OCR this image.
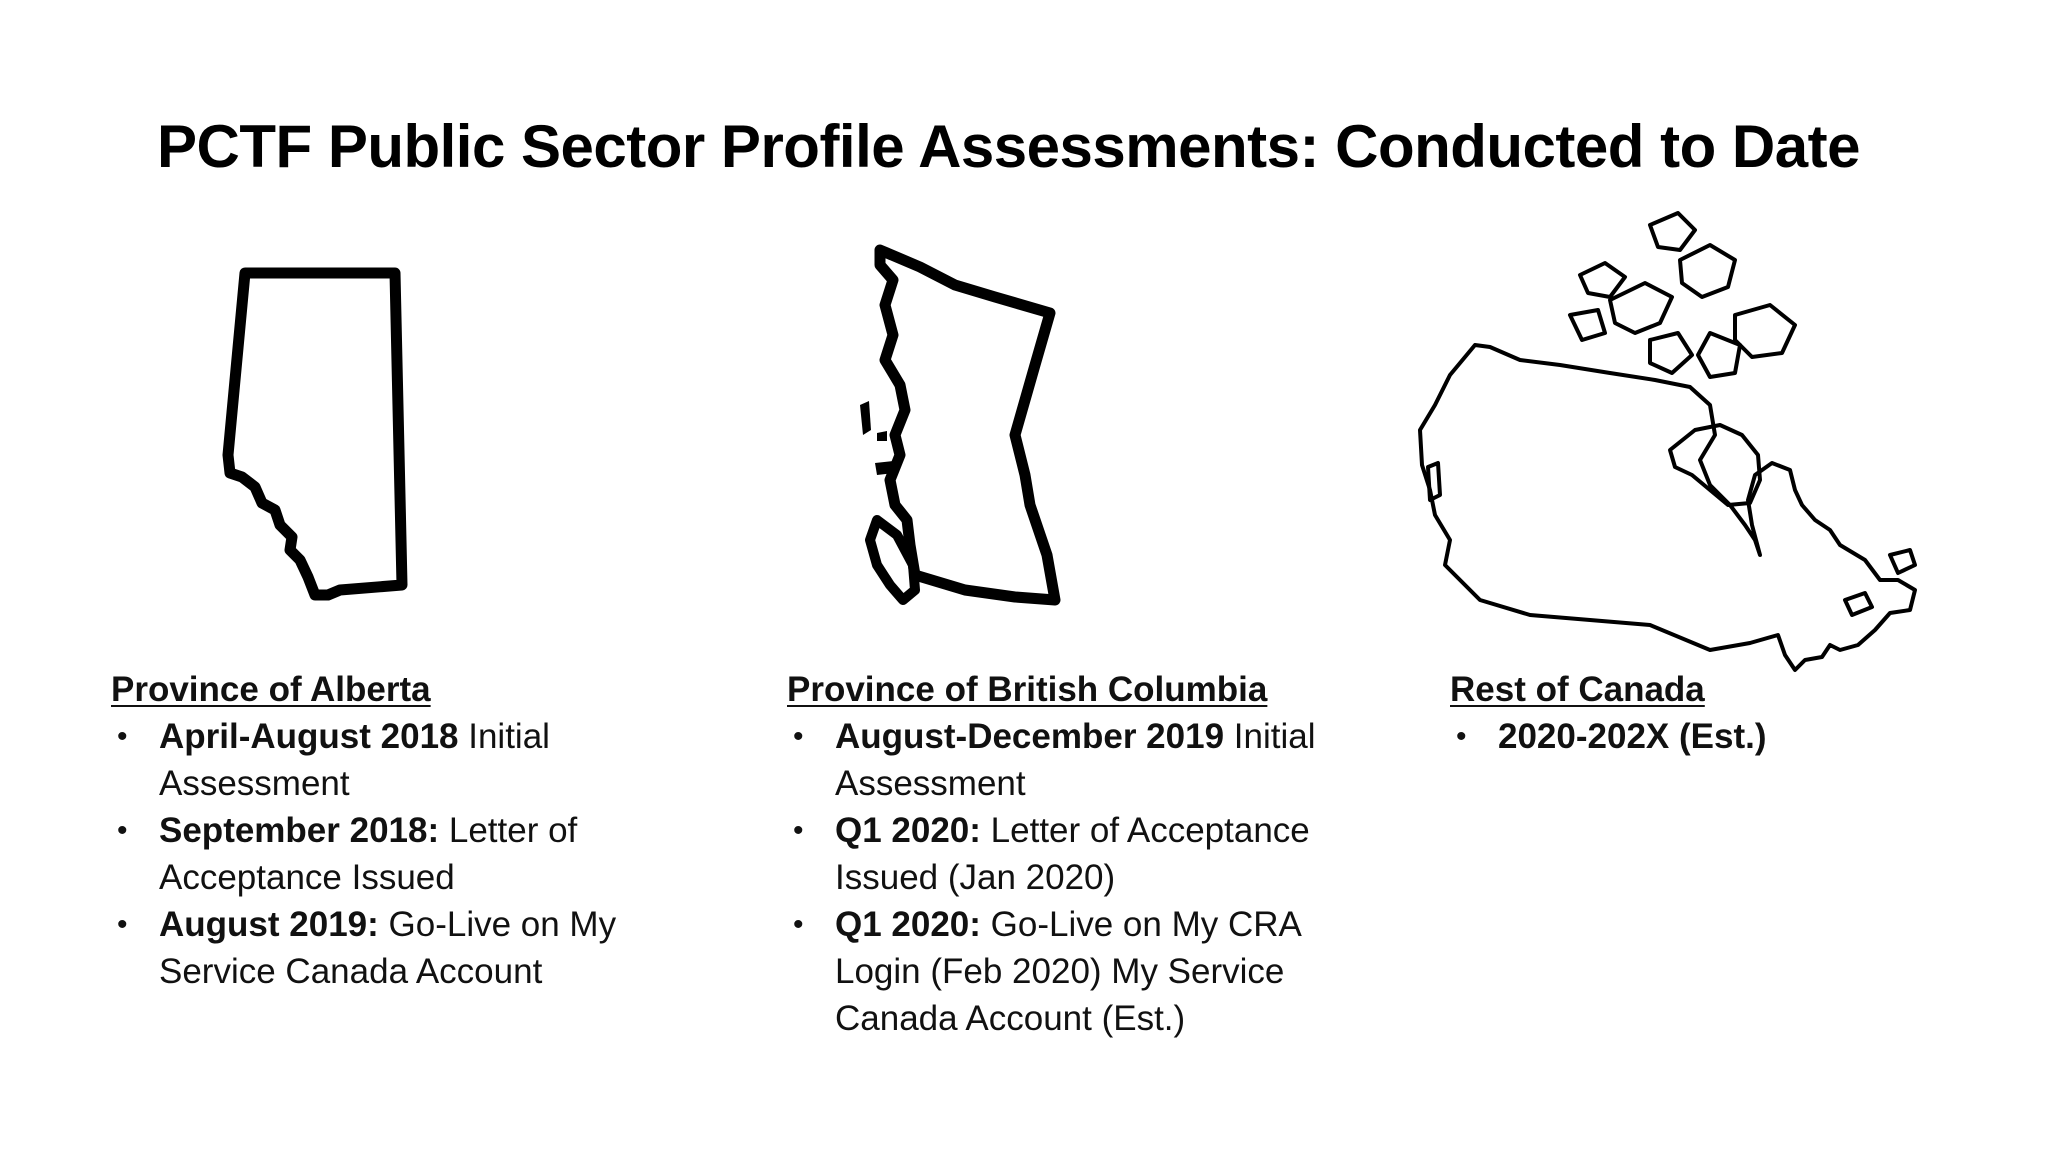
PCTF Public Sector Profile Assessments: Conducted to Date
Province of Alberta
• April-August 2018 Initial Assessment
• September 2018: Letter of Acceptance Issued
• August 2019: Go-Live on My Service Canada Account
Province of British Columbia
• August-December 2019 Initial Assessment
• Q1 2020: Letter of Acceptance Issued (Jan 2020)
• Q1 2020: Go-Live on My CRA Login (Feb 2020) My Service Canada Account (Est.)
Rest of Canada
• 2020-202X (Est.)
